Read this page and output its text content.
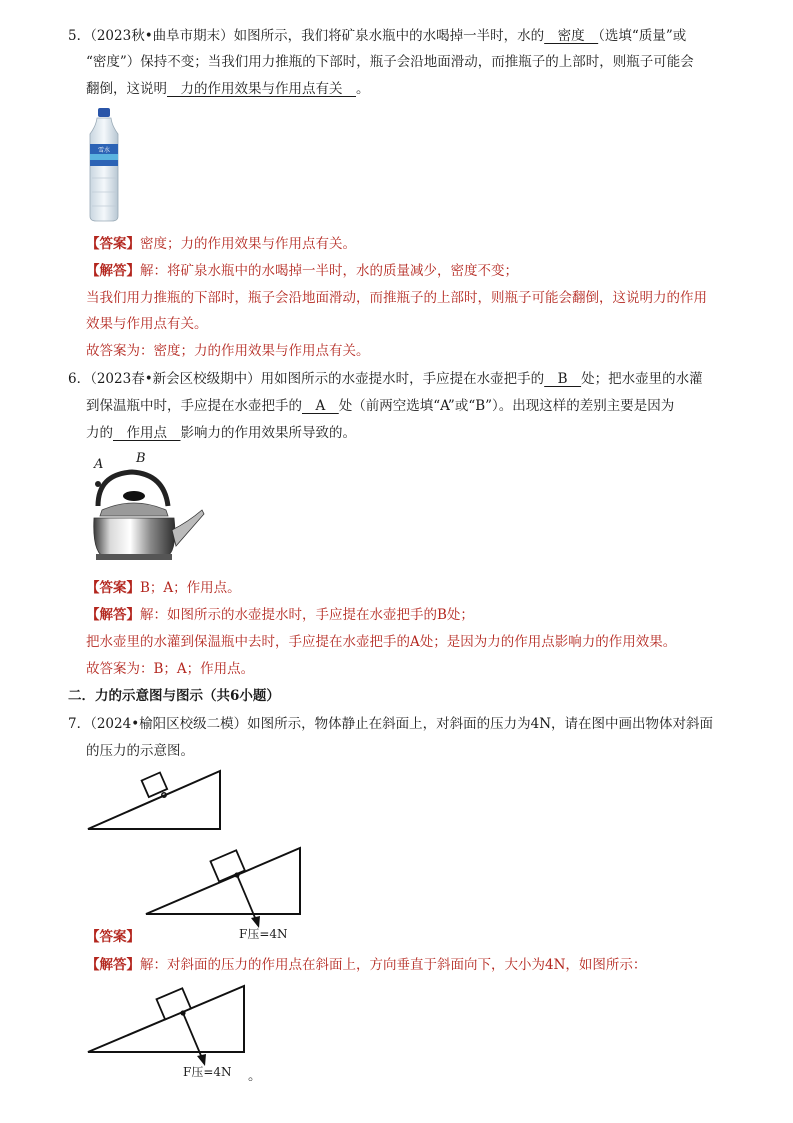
5．（2023秋•曲阜市期末）如图所示，我们将矿泉水瓶中的水喝掉一半时，水的　密度　（选填“质量”或
“密度”）保持不变；当我们用力推瓶的下部时，瓶子会沿地面滑动，而推瓶子的上部时，则瓶子可能会
翻倒，这说明　力的作用效果与作用点有关　。
雪水
【答案】密度；力的作用效果与作用点有关。
【解答】解：将矿泉水瓶中的水喝掉一半时，水的质量减少，密度不变；
当我们用力推瓶的下部时，瓶子会沿地面滑动，而推瓶子的上部时，则瓶子可能会翻倒，这说明力的作用
效果与作用点有关。
故答案为：密度；力的作用效果与作用点有关。
6．（2023春•新会区校级期中）用如图所示的水壶提水时，手应提在水壶把手的　B　处；把水壶里的水灌
到保温瓶中时，手应提在水壶把手的　A　处（前两空选填“A”或“B”）。出现这样的差别主要是因为
力的　作用点　影响力的作用效果所导致的。
A	B
【答案】B；A；作用点。
【解答】解：如图所示的水壶提水时，手应提在水壶把手的B处；
把水壶里的水灌到保温瓶中去时，手应提在水壶把手的A处；是因为力的作用点影响力的作用效果。
故答案为：B；A；作用点。
二．力的示意图与图示（共6小题）
7．（2024•榆阳区校级二模）如图所示，物体静止在斜面上，对斜面的压力为4N，请在图中画出物体对斜面
的压力的示意图。
F压=4N
【答案】
【解答】解：对斜面的压力的作用点在斜面上，方向垂直于斜面向下，大小为4N，如图所示：
F压=4N 。
